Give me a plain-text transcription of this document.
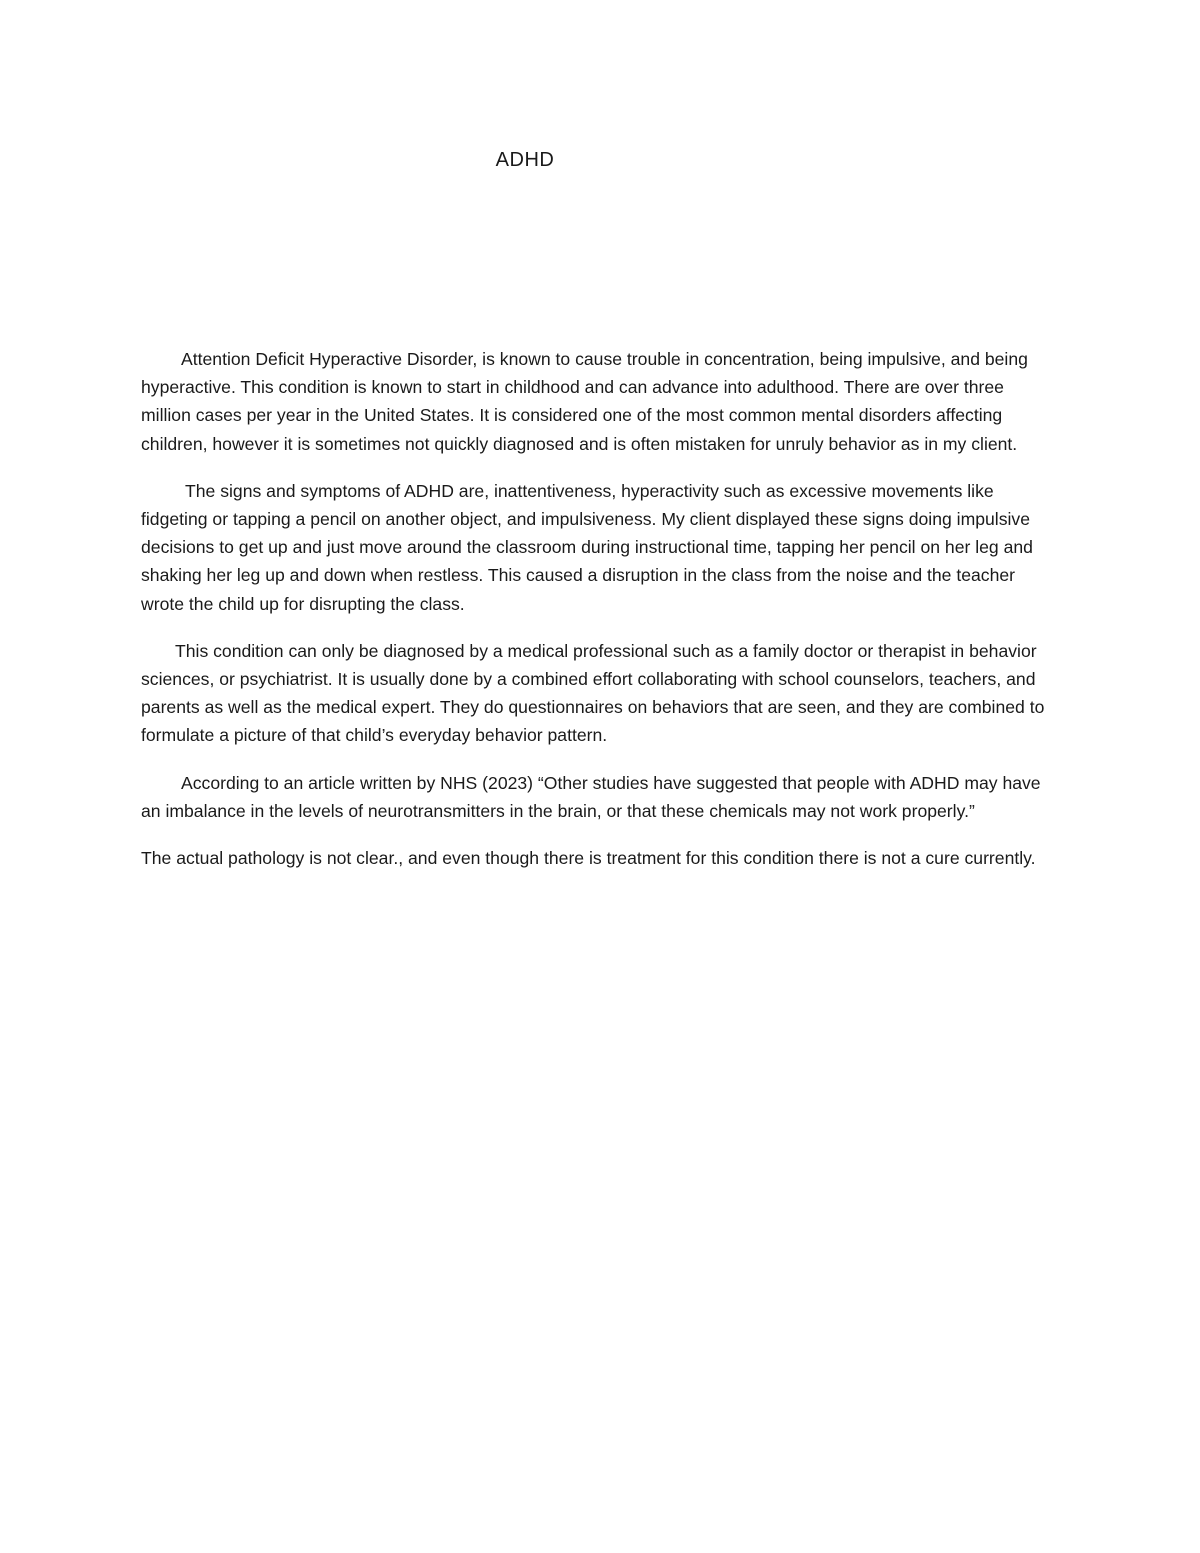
ADHD

Attention Deficit Hyperactive Disorder, is known to cause trouble in concentration, being impulsive, and being hyperactive. This condition is known to start in childhood and can advance into adulthood. There are over three million cases per year in the United States. It is considered one of the most common mental disorders affecting children, however it is sometimes not quickly diagnosed and is often mistaken for unruly behavior as in my client.

The signs and symptoms of ADHD are, inattentiveness, hyperactivity such as excessive movements like fidgeting or tapping a pencil on another object, and impulsiveness. My client displayed these signs doing impulsive decisions to get up and just move around the classroom during instructional time, tapping her pencil on her leg and shaking her leg up and down when restless. This caused a disruption in the class from the noise and the teacher wrote the child up for disrupting the class.

This condition can only be diagnosed by a medical professional such as a family doctor or therapist in behavior sciences, or psychiatrist. It is usually done by a combined effort collaborating with school counselors, teachers, and parents as well as the medical expert. They do questionnaires on behaviors that are seen, and they are combined to formulate a picture of that child’s everyday behavior pattern.

According to an article written by NHS (2023) “Other studies have suggested that people with ADHD may have an imbalance in the levels of neurotransmitters in the brain, or that these chemicals may not work properly.”

The actual pathology is not clear., and even though there is treatment for this condition there is not a cure currently.
